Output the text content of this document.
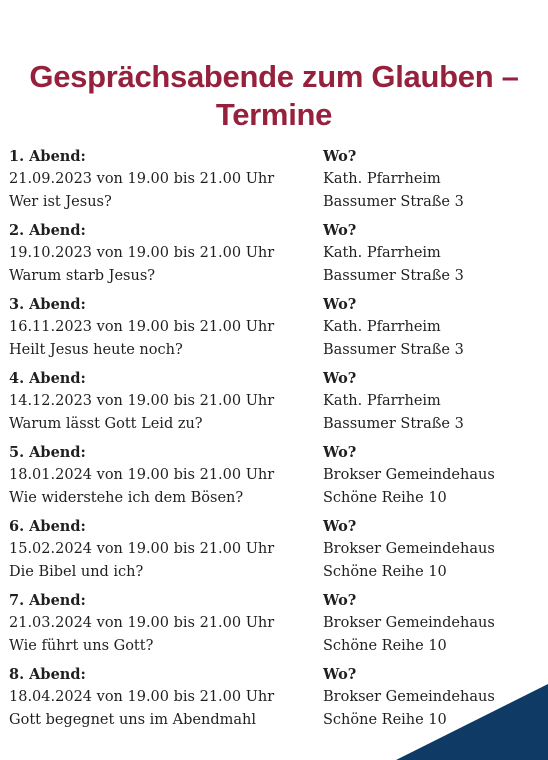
Gesprächsabende zum Glauben –
Termine
1. Abend:
21.09.2023 von 19.00 bis 21.00 Uhr
Wer ist Jesus?
Wo?
Kath. Pfarrheim
Bassumer Straße 3
2. Abend:
19.10.2023 von 19.00 bis 21.00 Uhr
Warum starb Jesus?
Wo?
Kath. Pfarrheim
Bassumer Straße 3
3. Abend:
16.11.2023 von 19.00 bis 21.00 Uhr
Heilt Jesus heute noch?
Wo?
Kath. Pfarrheim
Bassumer Straße 3
4. Abend:
14.12.2023 von 19.00 bis 21.00 Uhr
Warum lässt Gott Leid zu?
Wo?
Kath. Pfarrheim
Bassumer Straße 3
5. Abend:
18.01.2024 von 19.00 bis 21.00 Uhr
Wie widerstehe ich dem Bösen?
Wo?
Brokser Gemeindehaus
Schöne Reihe 10
6. Abend:
15.02.2024 von 19.00 bis 21.00 Uhr
Die Bibel und ich?
Wo?
Brokser Gemeindehaus
Schöne Reihe 10
7. Abend:
21.03.2024 von 19.00 bis 21.00 Uhr
Wie führt uns Gott?
Wo?
Brokser Gemeindehaus
Schöne Reihe 10
8. Abend:
18.04.2024 von 19.00 bis 21.00 Uhr
Gott begegnet uns im Abendmahl
Wo?
Brokser Gemeindehaus
Schöne Reihe 10
